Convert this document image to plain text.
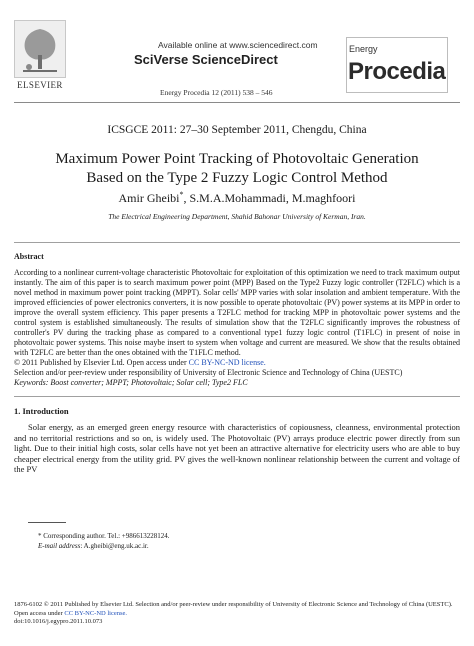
ELSEVIER
Available online at www.sciencedirect.com
SciVerse ScienceDirect
Energy
Procedia
Energy Procedia 12 (2011) 538 – 546
ICSGCE 2011: 27–30 September 2011, Chengdu, China
Maximum Power Point Tracking of Photovoltaic Generation
Based on the Type 2 Fuzzy Logic Control Method
Amir Gheibi*, S.M.A.Mohammadi, M.maghfoori
The Electrical Engineering Department, Shahid Bahonar University of Kerman, Iran.
Abstract

According to a nonlinear current-voltage characteristic Photovoltaic for exploitation of this optimization we need to track maximum output instantly. The aim of this paper is to search maximum power point (MPP) Based on the Type2 Fuzzy logic controller (T2FLC) which is a novel method in maximum power point tracking (MPPT). Solar cells' MPP varies with solar insolation and ambient temperature. With the improved efficiencies of power electronics converters, it is now possible to operate photovoltaic (PV) power systems at its MPP in order to improve the overall system efficiency. This paper presents a T2FLC method for tracking MPP in photovoltaic power systems and the control system is established simultaneously. The results of simulation show that the T2FLC significantly improves the robustness of controller's PV during the tracking phase as compared to a conventional type1 fuzzy logic control (T1FLC) in present of noise in photovoltaic power systems. This noise maybe insert to system when voltage and current are measured. We show that the results obtained with T2FLC are better than the ones obtained with the T1FLC method.

© 2011 Published by Elsevier Ltd. Open access under CC BY-NC-ND license.

Selection and/or peer-review under responsibility of University of Electronic Science and Technology of China (UESTC)

Keywords: Boost converter; MPPT; Photovoltaic; Solar cell; Type2 FLC

1. Introduction

Solar energy, as an emerged green energy resource with characteristics of copiousness, cleanness, environmental protection and no territorial restrictions and so on, is widely used. The Photovoltaic (PV) arrays produce electric power directly from sun light. Due to their initial high costs, solar cells have not yet been an attractive alternative for electricity users who are able to buy cheaper electrical energy from the utility grid. PV gives the well-known nonlinear relationship between the current and voltage of the PV

* Corresponding author. Tel.: +986613228124.
E-mail address: A.gheibi@eng.uk.ac.ir.
1876-6102 © 2011 Published by Elsevier Ltd. Selection and/or peer-review under responsibility of University of Electronic Science and Technology of China (UESTC). Open access under CC BY-NC-ND license.
doi:10.1016/j.egypro.2011.10.073
